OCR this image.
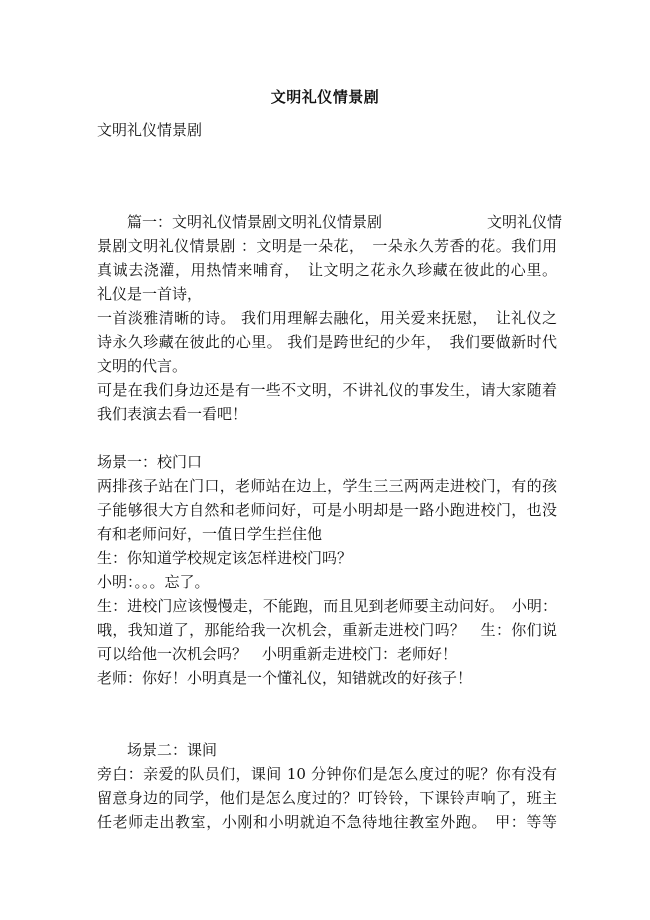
文明礼仪情景剧
文明礼仪情景剧
　　篇一：文明礼仪情景剧文明礼仪情景剧　　　　　　　文明礼仪情
景剧文明礼仪情景剧 ：文明是一朵花，　一朵永久芳香的花。我们用
真诚去浇灌，用热情来哺育，　让文明之花永久珍藏在彼此的心里。
礼仪是一首诗，
一首淡雅清晰的诗。 我们用理解去融化，用关爱来抚慰，　让礼仪之
诗永久珍藏在彼此的心里。 我们是跨世纪的少年，　我们要做新时代
文明的代言。
可是在我们身边还是有一些不文明，不讲礼仪的事发生，请大家随着
我们表演去看一看吧！
场景一：校门口
两排孩子站在门口，老师站在边上，学生三三两两走进校门，有的孩
子能够很大方自然和老师问好，可是小明却是一路小跑进校门，也没
有和老师问好，一值日学生拦住他
生：你知道学校规定该怎样进校门吗？
小明：。。。忘了。
生：进校门应该慢慢走，不能跑，而且见到老师要主动问好。　小明：
哦，我知道了，那能给我一次机会，重新走进校门吗？　生：你们说
可以给他一次机会吗？　小明重新走进校门：老师好！
老师：你好！小明真是一个懂礼仪，知错就改的好孩子！
　　场景二：课间
旁白：亲爱的队员们，课间 10 分钟你们是怎么度过的呢？你有没有
留意身边的同学，他们是怎么度过的？叮铃铃，下课铃声响了，班主
任老师走出教室，小刚和小明就迫不急待地往教室外跑。　甲：等等
